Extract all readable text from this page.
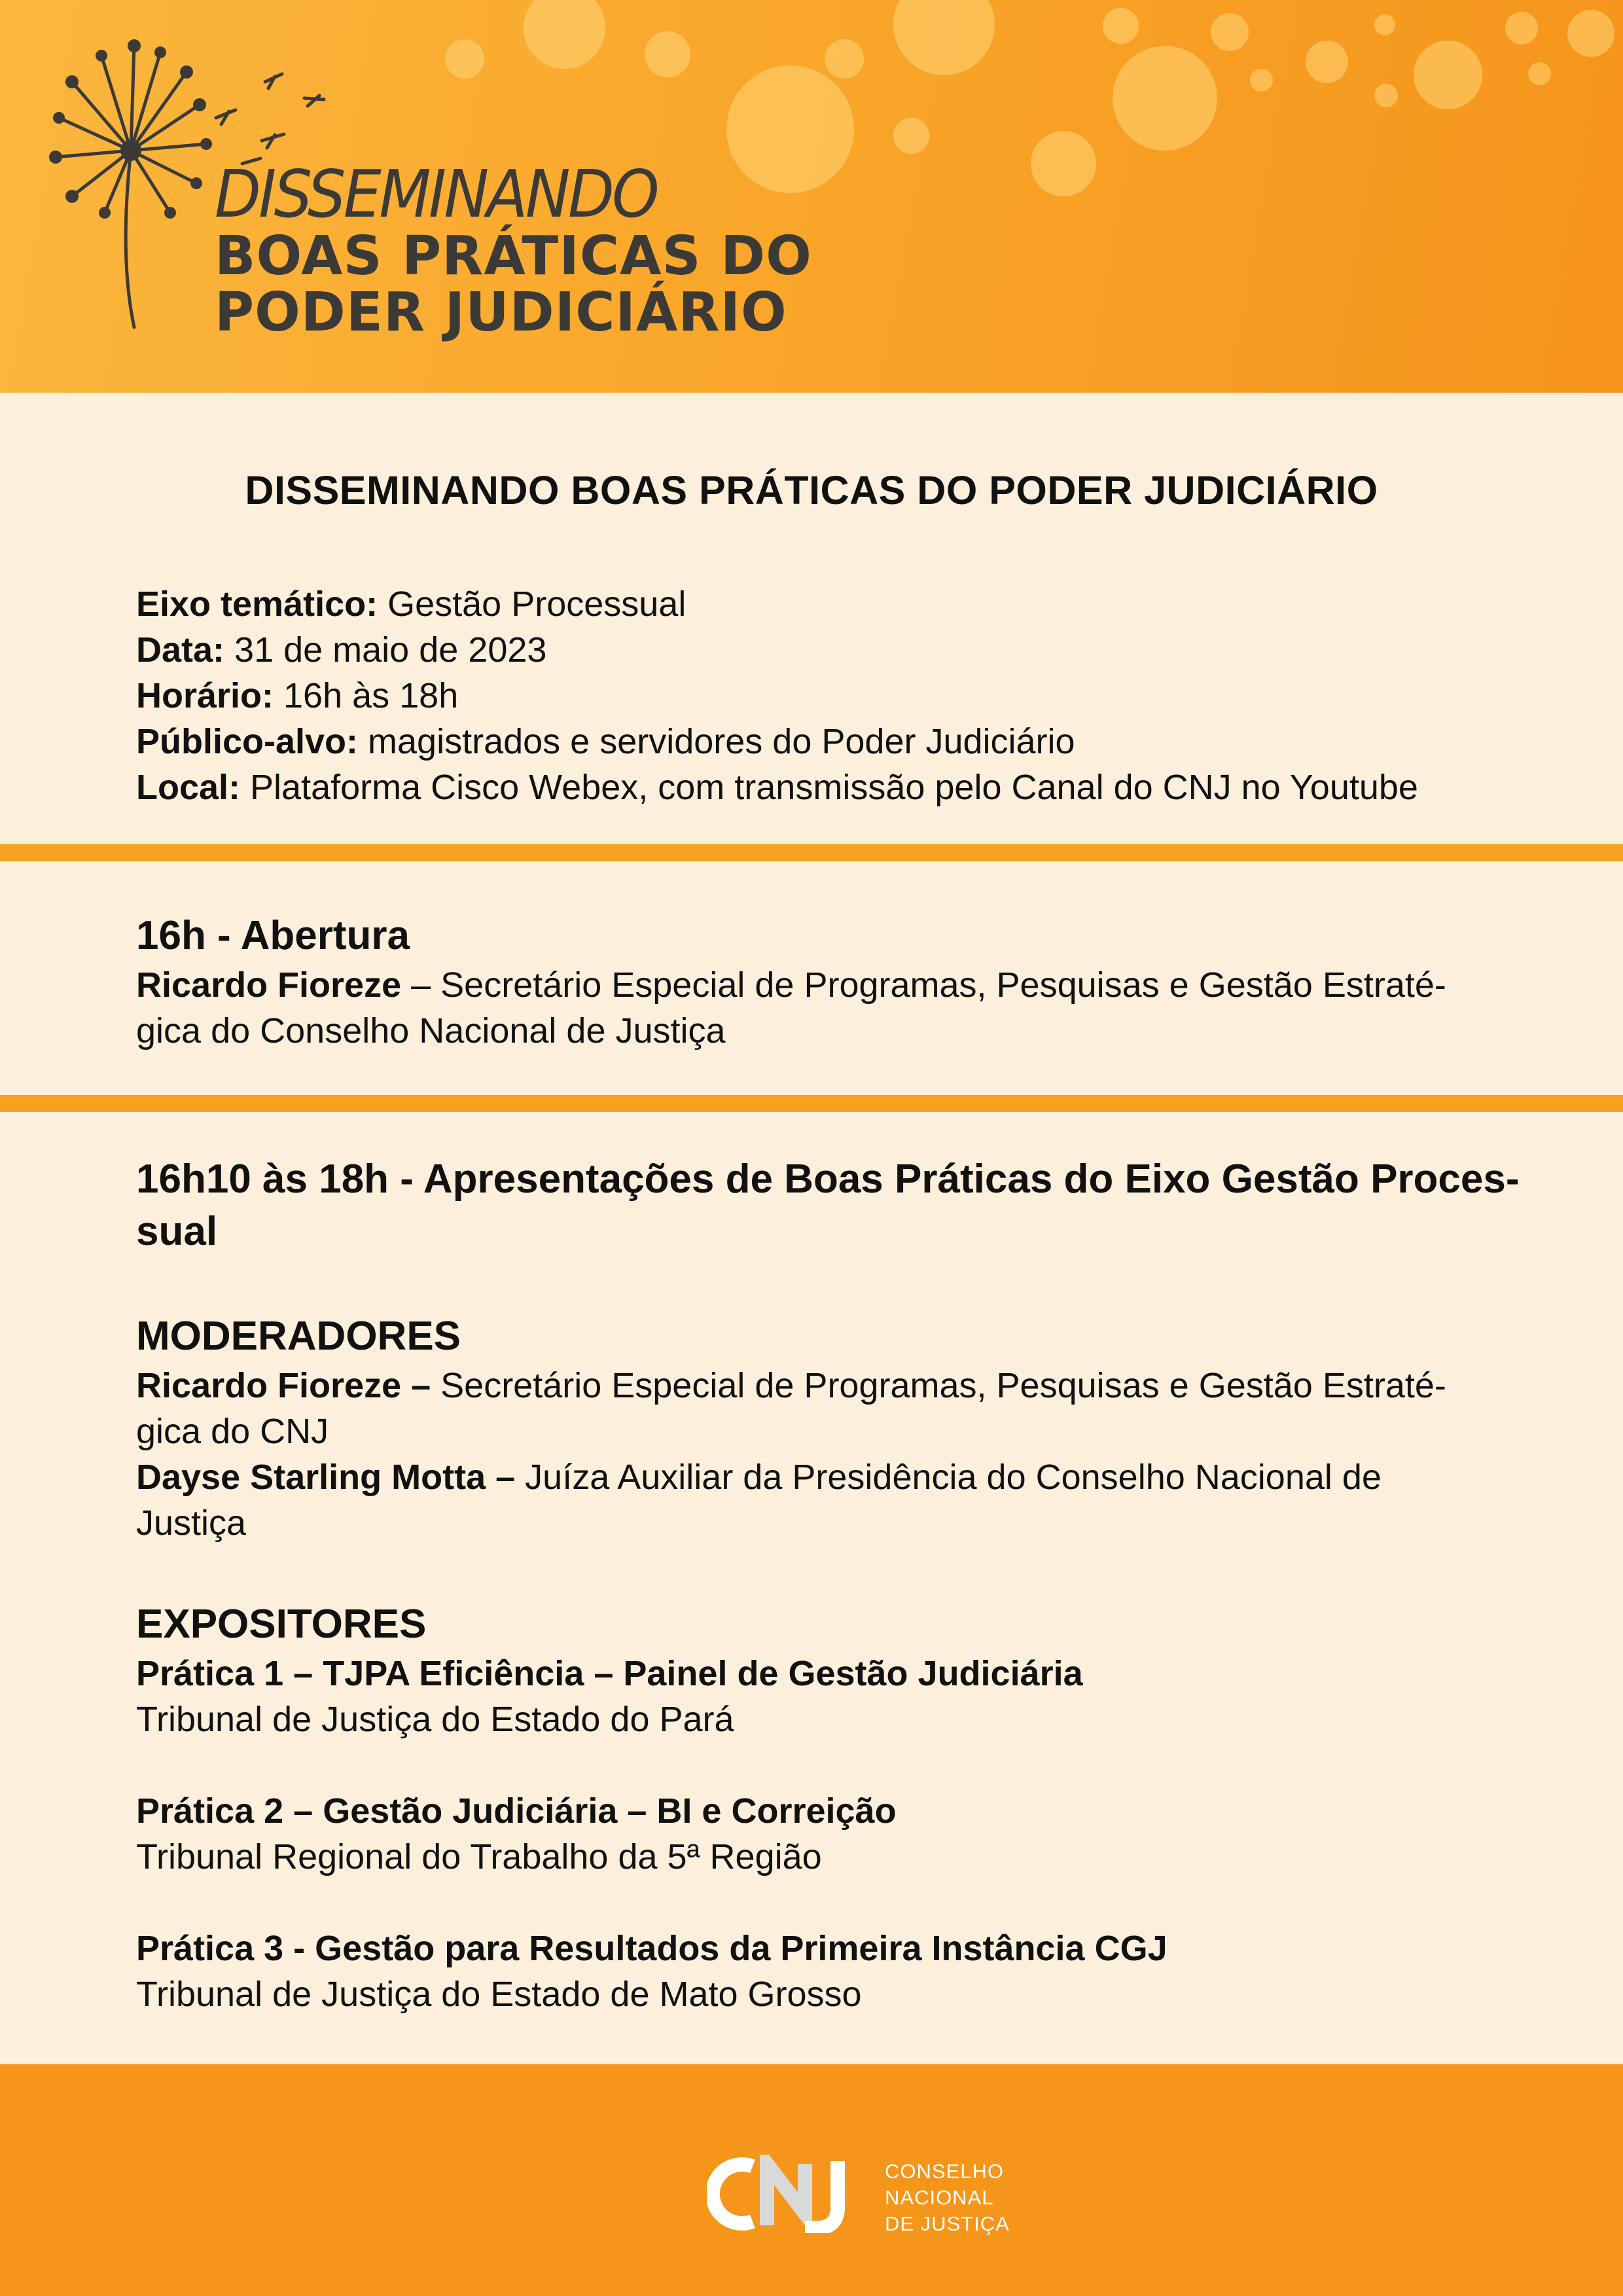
DISSEMINANDO
BOAS PRÁTICAS DO
PODER JUDICIÁRIO
DISSEMINANDO BOAS PRÁTICAS DO PODER JUDICIÁRIO
Eixo temático: Gestão Processual
Data: 31 de maio de 2023
Horário: 16h às 18h
Público-alvo: magistrados e servidores do Poder Judiciário
Local: Plataforma Cisco Webex, com transmissão pelo Canal do CNJ no Youtube
16h - Abertura
Ricardo Fioreze – Secretário Especial de Programas, Pesquisas e Gestão Estraté-
gica do Conselho Nacional de Justiça
16h10 às 18h - Apresentações de Boas Práticas do Eixo Gestão Proces-
sual
MODERADORES
Ricardo Fioreze – Secretário Especial de Programas, Pesquisas e Gestão Estraté-
gica do CNJ
Dayse Starling Motta – Juíza Auxiliar da Presidência do Conselho Nacional de
Justiça
EXPOSITORES
Prática 1 – TJPA Eficiência – Painel de Gestão Judiciária
Tribunal de Justiça do Estado do Pará
Prática 2 – Gestão Judiciária – BI e Correição
Tribunal Regional do Trabalho da 5ª Região
Prática 3 - Gestão para Resultados da Primeira Instância CGJ
Tribunal de Justiça do Estado de Mato Grosso
CONSELHO
NACIONAL
DE JUSTIÇA
